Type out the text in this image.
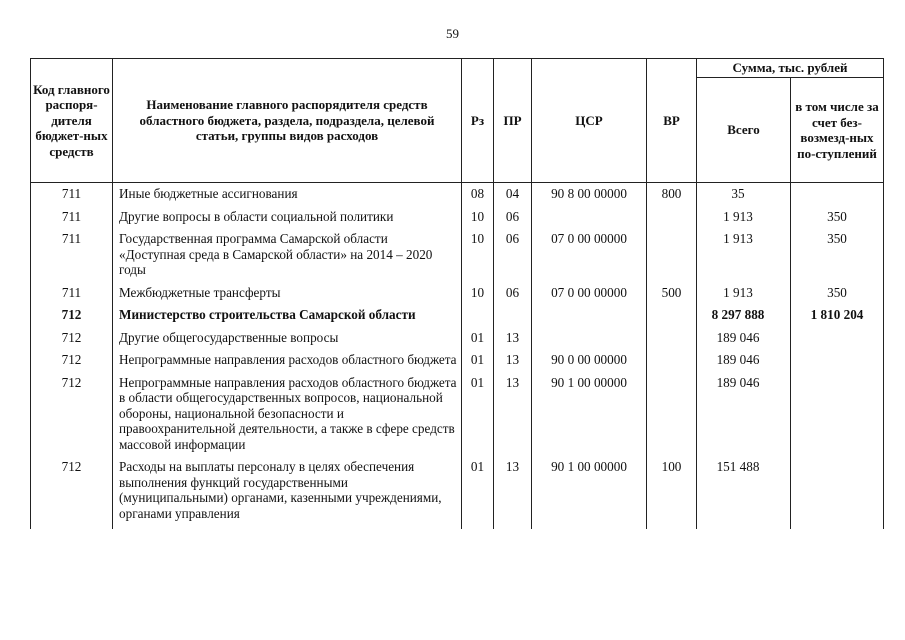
59
Код главного распоря-дителя бюджет-ных средств	Наименование главного распорядителя средств областного бюджета, раздела, подраздела, целевой статьи, группы видов расходов	Рз	ПР	ЦСР	ВР	Сумма, тыс. рублей	
						Всего	в том числе за счет без-возмезд-ных по-ступлений
711	Иные бюджетные ассигнования	08	04	90 8 00 00000	800	35	
711	Другие вопросы в области социальной политики	10	06			1 913	350
711	Государственная программа Самарской области «Доступная среда в Самарской области» на 2014 – 2020 годы	10	06	07 0 00 00000		1 913	350
711	Межбюджетные трансферты	10	06	07 0 00 00000	500	1 913	350
712	Министерство строительства Самарской области					8 297 888	1 810 204
712	Другие общегосударственные вопросы	01	13			189 046	
712	Непрограммные направления расходов областного бюджета	01	13	90 0 00 00000		189 046	
712	Непрограммные направления расходов областного бюджета в области общегосударственных вопросов, национальной обороны, национальной безопасности и правоохранительной деятельности, а также в сфере средств массовой информации	01	13	90 1 00 00000		189 046	
712	Расходы на выплаты персоналу в целях обеспечения выполнения функций государственными (муниципальными) органами, казенными учреждениями, органами управления	01	13	90 1 00 00000	100	151 488	
